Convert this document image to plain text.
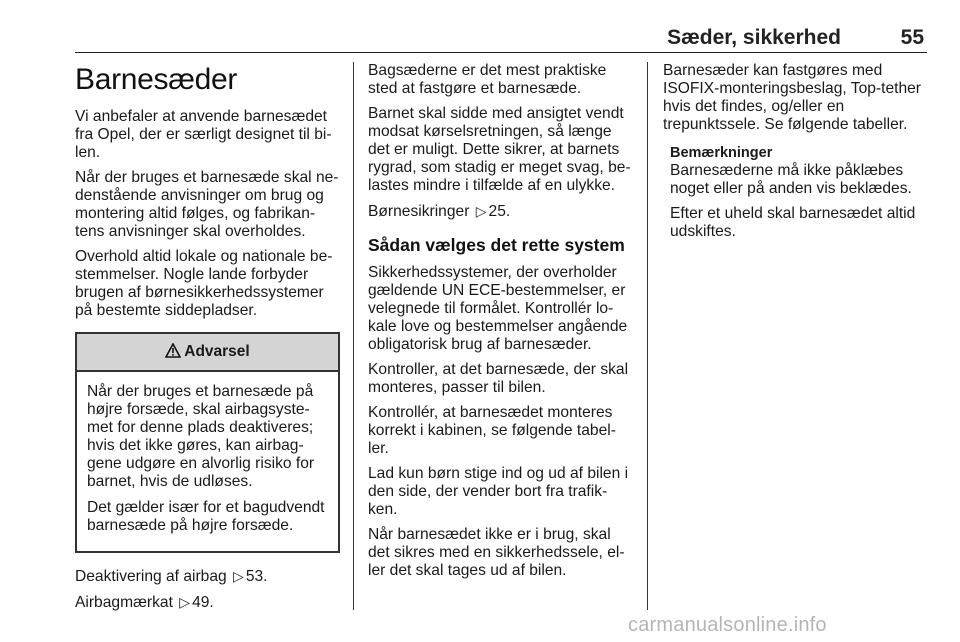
Sæder, sikkerhed	55
Barnesæder

Vi anbefaler at anvende barnesædet fra Opel, der er særligt designet til bi-len.

Når der bruges et barnesæde skal ne-denstående anvisninger om brug og montering altid følges, og fabrikan-tens anvisninger skal overholdes.

Overhold altid lokale og nationale be-stemmelser. Nogle lande forbyder brugen af børnesikkerhedssystemer på bestemte siddepladser.

Advarsel

Når der bruges et barnesæde på højre forsæde, skal airbagsyste-met for denne plads deaktiveres; hvis det ikke gøres, kan airbag-gene udgøre en alvorlig risiko for barnet, hvis de udløses.

Det gælder især for et bagudvendt barnesæde på højre forsæde.

Deaktivering af airbag ▷ 53.

Airbagmærkat ▷ 49.

Bagsæderne er det mest praktiske sted at fastgøre et barnesæde.

Barnet skal sidde med ansigtet vendt modsat kørselsretningen, så længe det er muligt. Dette sikrer, at barnets rygrad, som stadig er meget svag, be-lastes mindre i tilfælde af en ulykke.

Børnesikringer ▷ 25.

Sådan vælges det rette system

Sikkerhedssystemer, der overholder gældende UN ECE-bestemmelser, er velegnede til formålet. Kontrollér lo-kale love og bestemmelser angående obligatorisk brug af barnesæder.

Kontroller, at det barnesæde, der skal monteres, passer til bilen.

Kontrollér, at barnesædet monteres korrekt i kabinen, se følgende tabel-ler.

Lad kun børn stige ind og ud af bilen i den side, der vender bort fra trafik-ken.

Når barnesædet ikke er i brug, skal det sikres med en sikkerhedssele, el-ler det skal tages ud af bilen.

Barnesæder kan fastgøres med ISOFIX-monteringsbeslag, Top-tether hvis det findes, og/eller en trepunktssele. Se følgende tabeller.

Bemærkninger

Barnesæderne må ikke påklæbes noget eller på anden vis beklædes.

Efter et uheld skal barnesædet altid udskiftes.

carmanualsonline.info
